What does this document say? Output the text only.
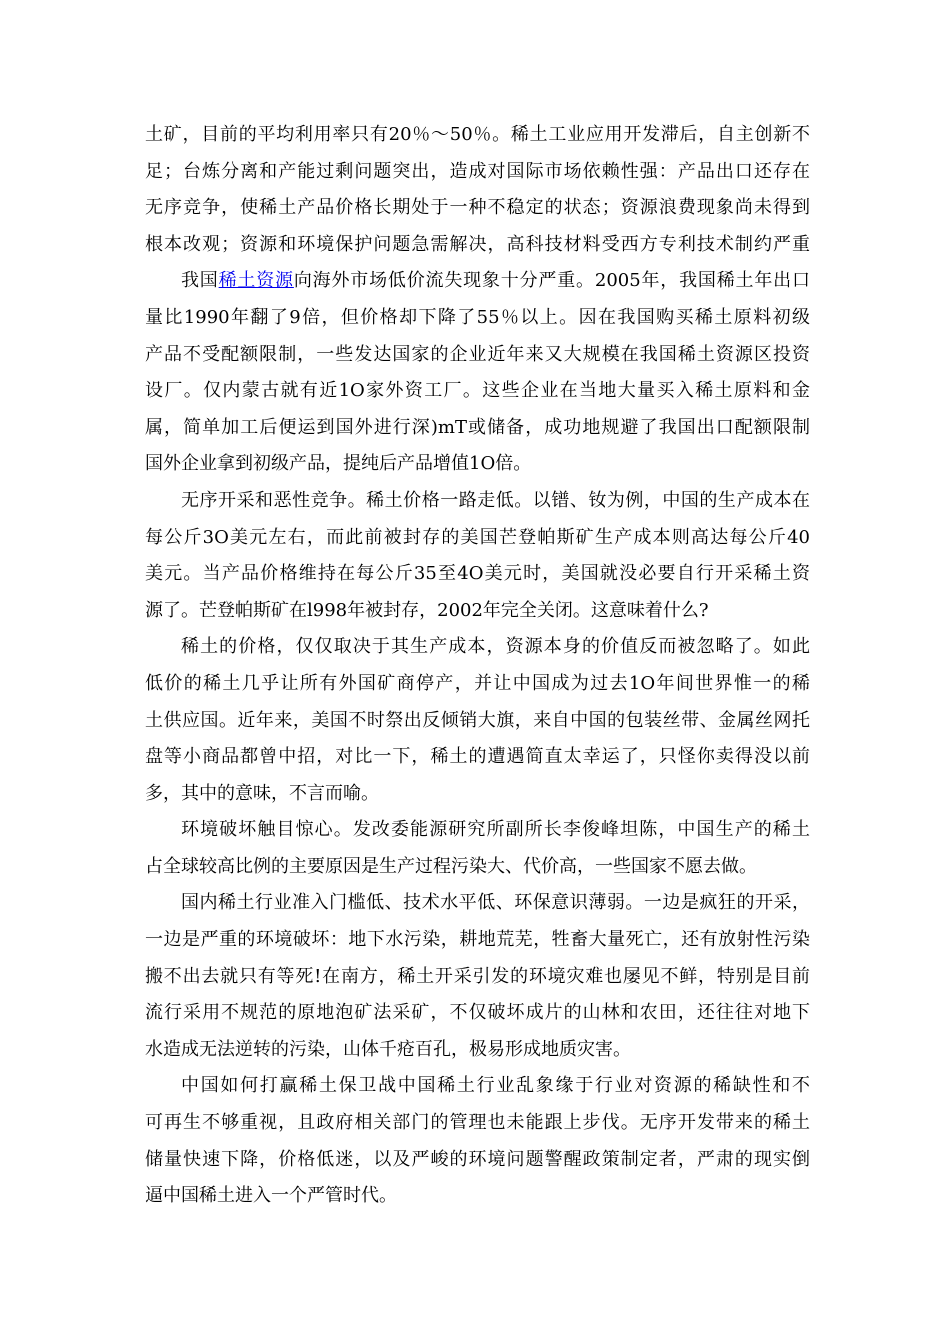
土矿，目前的平均利用率只有20％～50％。稀土工业应用开发滞后，自主创新不
足；台炼分离和产能过剩问题突出，造成对国际市场依赖性强：产品出口还存在
无序竞争，使稀土产品价格长期处于一种不稳定的状态；资源浪费现象尚未得到
根本改观；资源和环境保护问题急需解决，高科技材料受西方专利技术制约严重
我国稀土资源向海外市场低价流失现象十分严重。2005年，我国稀土年出口
量比1990年翻了9倍，但价格却下降了55％以上。因在我国购买稀土原料初级
产品不受配额限制，一些发达国家的企业近年来又大规模在我国稀土资源区投资
设厂。仅内蒙古就有近1O家外资工厂。这些企业在当地大量买入稀土原料和金
属，简单加工后便运到国外进行深)mT或储备，成功地规避了我国出口配额限制
国外企业拿到初级产品，提纯后产品增值1O倍。
无序开采和恶性竞争。稀土价格一路走低。以镨、钕为例，中国的生产成本在
每公斤3O美元左右，而此前被封存的美国芒登帕斯矿生产成本则高达每公斤40
美元。当产品价格维持在每公斤35至4O美元时，美国就没必要自行开采稀土资
源了。芒登帕斯矿在l998年被封存，2002年完全关闭。这意味着什么?
稀土的价格，仅仅取决于其生产成本，资源本身的价值反而被忽略了。如此
低价的稀土几乎让所有外国矿商停产，并让中国成为过去1O年间世界惟一的稀
土供应国。近年来，美国不时祭出反倾销大旗，来自中国的包装丝带、金属丝网托
盘等小商品都曾中招，对比一下，稀土的遭遇简直太幸运了，只怪你卖得没以前
多，其中的意味，不言而喻。
环境破坏触目惊心。发改委能源研究所副所长李俊峰坦陈，中国生产的稀土
占全球较高比例的主要原因是生产过程污染大、代价高，一些国家不愿去做。
国内稀土行业准入门槛低、技术水平低、环保意识薄弱。一边是疯狂的开采，
一边是严重的环境破坏：地下水污染，耕地荒芜，牲畜大量死亡，还有放射性污染
搬不出去就只有等死!在南方，稀土开采引发的环境灾难也屡见不鲜，特别是目前
流行采用不规范的原地泡矿法采矿，不仅破坏成片的山林和农田，还往往对地下
水造成无法逆转的污染，山体千疮百孔，极易形成地质灾害。
中国如何打赢稀土保卫战中国稀土行业乱象缘于行业对资源的稀缺性和不
可再生不够重视，且政府相关部门的管理也未能跟上步伐。无序开发带来的稀土
储量快速下降，价格低迷，以及严峻的环境问题警醒政策制定者，严肃的现实倒
逼中国稀土进入一个严管时代。
